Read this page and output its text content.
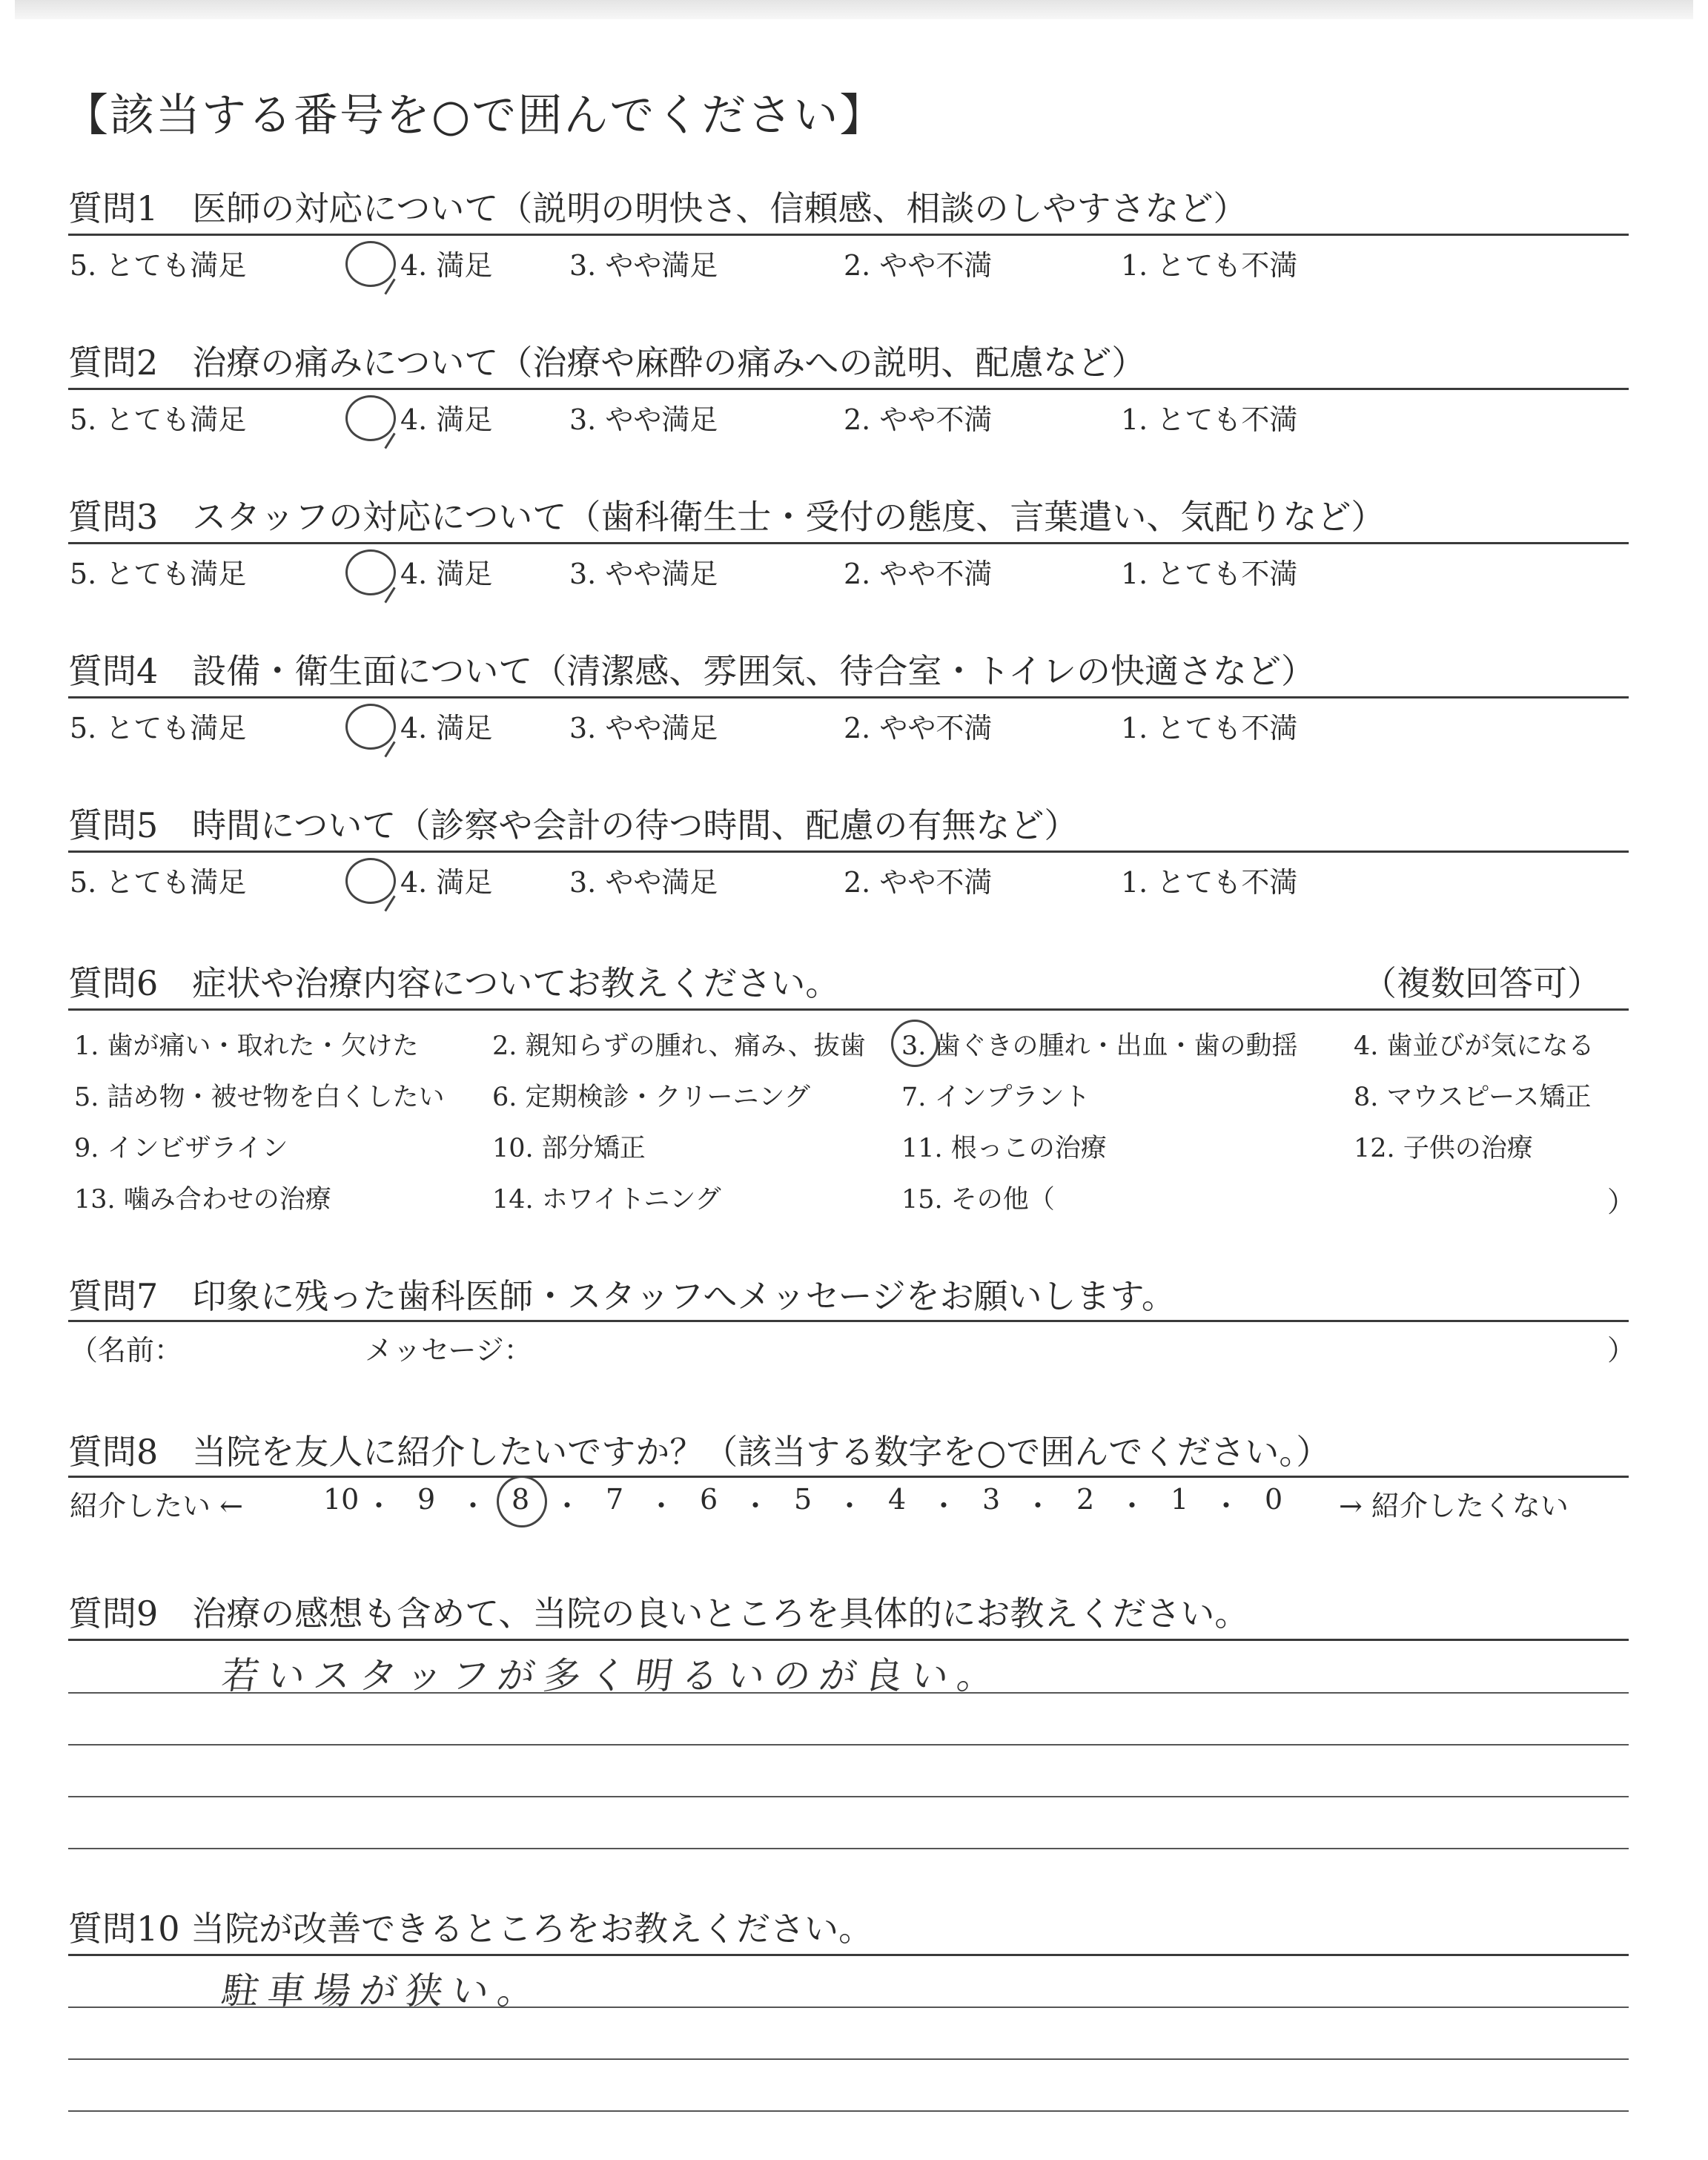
【該当する番号を○で囲んでください】
質問1　医師の対応について（説明の明快さ、信頼感、相談のしやすさなど）
5. とても満足	4. 満足	3. やや満足	2. やや不満	1. とても不満
質問2　治療の痛みについて（治療や麻酔の痛みへの説明、配慮など）
5. とても満足	4. 満足	3. やや満足	2. やや不満	1. とても不満
質問3　スタッフの対応について（歯科衛生士・受付の態度、言葉遣い、気配りなど）
5. とても満足	4. 満足	3. やや満足	2. やや不満	1. とても不満
質問4　設備・衛生面について（清潔感、雰囲気、待合室・トイレの快適さなど）
5. とても満足	4. 満足	3. やや満足	2. やや不満	1. とても不満
質問5　時間について（診察や会計の待つ時間、配慮の有無など）
5. とても満足	4. 満足	3. やや満足	2. やや不満	1. とても不満
質問6　症状や治療内容についてお教えください。	（複数回答可）
1. 歯が痛い・取れた・欠けた	2. 親知らずの腫れ、痛み、抜歯 3. 歯ぐきの腫れ・出血・歯の動揺 4. 歯並びが気になる
5. 詰め物・被せ物を白くしたい 6. 定期検診・クリーニング	7. インプラント	8. マウスピース矯正
9. インビザライン	10. 部分矯正	11. 根っこの治療	12. 子供の治療
13. 噛み合わせの治療	14. ホワイトニング	15. その他（	）
質問7　印象に残った歯科医師・スタッフへメッセージをお願いします。
（名前：	メッセージ：	）
質問8　当院を友人に紹介したいですか？（該当する数字を○で囲んでください。）
紹介したい ←	→ 紹介したくない
10 ・ 9 ・ 8 ・ 7 ・ 6 ・ 5 ・ 4 ・ 3 ・ 2 ・ 1 ・ 0
質問9　治療の感想も含めて、当院の良いところを具体的にお教えください。
若いスタッフが多く明るいのが良い。
質問10 当院が改善できるところをお教えください。
駐車場が狭い。
